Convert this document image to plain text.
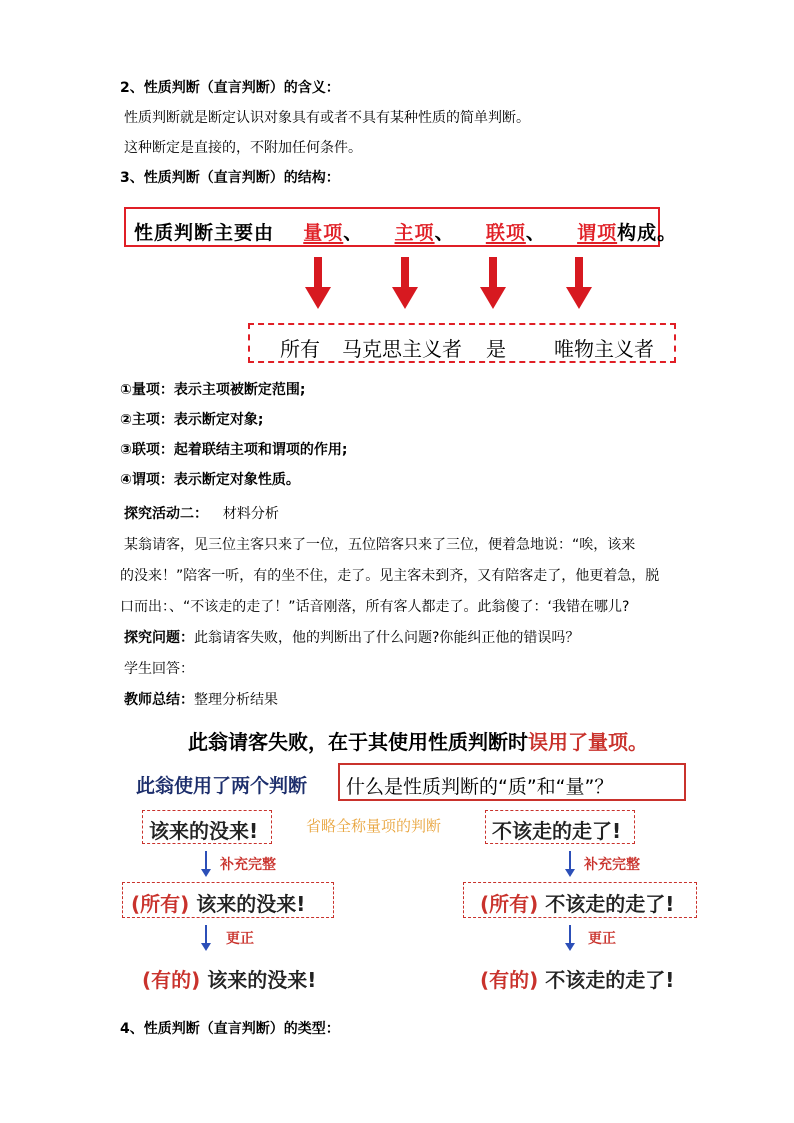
2、性质判断（直言判断）的含义：
性质判断就是断定认识对象具有或者不具有某种性质的简单判断。
这种断定是直接的，不附加任何条件。
3、性质判断（直言判断）的结构：
性质判断主要由 量项、 主项、 联项、 谓项构成。
所有 马克思主义者 是 唯物主义者
①量项：表示主项被断定范围;
②主项：表示断定对象;
③联项：起着联结主项和谓项的作用;
④谓项：表示断定对象性质。
探究活动二： 材料分析
某翁请客，见三位主客只来了一位，五位陪客只来了三位，便着急地说：“唉，该来
的没来！”陪客一听，有的坐不住，走了。见主客未到齐，又有陪客走了，他更着急，脱
口而出：、“不该走的走了！”话音刚落，所有客人都走了。此翁傻了：‘我错在哪儿?
探究问题：此翁请客失败，他的判断出了什么问题?你能纠正他的错误吗？
学生回答：
教师总结：整理分析结果
此翁请客失败，在于其使用性质判断时误用了量项。
此翁使用了两个判断 什么是性质判断的“质”和“量”？
该来的没来!	省略全称量项的判断	不该走的走了!
补充完整	补充完整
(所有) 该来的没来!	(所有) 不该走的走了!
更正	更正
(有的) 该来的没来!	(有的) 不该走的走了!
4、性质判断（直言判断）的类型：
